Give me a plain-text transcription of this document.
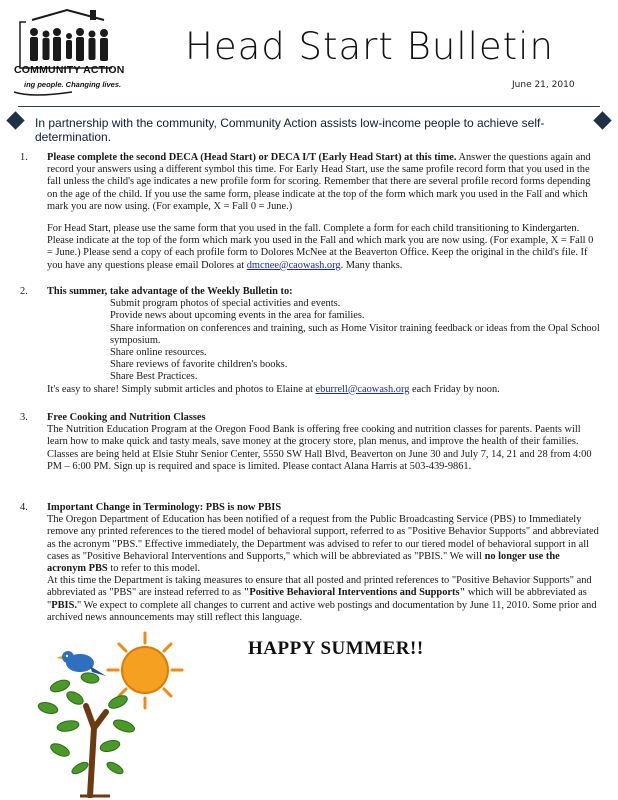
COMMUNITY ACTION
ing people. Changing lives.
Head Start Bulletin
June 21, 2010
In partnership with the community, Community Action assists low-income people to achieve self-determination.
1. Please complete the second DECA (Head Start) or DECA I/T (Early Head Start) at this time. Answer the questions again and record your answers using a different symbol this time. For Early Head Start, use the same profile record form that you used in the fall unless the child's age indicates a new profile form for scoring. Remember that there are several profile record forms depending on the age of the child. If you use the same form, please indicate at the top of the form which mark you used in the Fall and which mark you are now using. (For example, X = Fall 0 = June.)

For Head Start, please use the same form that you used in the fall. Complete a form for each child transitioning to Kindergarten. Please indicate at the top of the form which mark you used in the Fall and which mark you are now using. (For example, X = Fall 0 = June.) Please send a copy of each profile form to Dolores McNee at the Beaverton Office. Keep the original in the child's file. If you have any questions please email Dolores at dmcnee@caowash.org. Many thanks.

2. This summer, take advantage of the Weekly Bulletin to:

Submit program photos of special activities and events.
Provide news about upcoming events in the area for families.
Share information on conferences and training, such as Home Visitor training feedback or ideas from the Opal School symposium.
Share online resources.
Share reviews of favorite children's books.
Share Best Practices.

It's easy to share! Simply submit articles and photos to Elaine at eburrell@caowash.org each Friday by noon.

3. Free Cooking and Nutrition Classes

The Nutrition Education Program at the Oregon Food Bank is offering free cooking and nutrition classes for parents. Paents will learn how to make quick and tasty meals, save money at the grocery store, plan menus, and improve the health of their families.

Classes are being held at Elsie Stuhr Senior Center, 5550 SW Hall Blvd, Beaverton on June 30 and July 7, 14, 21 and 28 from 4:00 PM – 6:00 PM. Sign up is required and space is limited. Please contact Alana Harris at 503-439-9861.

4. Important Change in Terminology: PBS is now PBIS

The Oregon Department of Education has been notified of a request from the Public Broadcasting Service (PBS) to Immediately remove any printed references to the tiered model of behavioral support, referred to as "Positive Behavior Supports" and abbreviated as the acronym "PBS." Effective immediately, the Department was advised to refer to our tiered model of behavioral support in all cases as "Positive Behavioral Interventions and Supports," which will be abbreviated as "PBIS." We will no longer use the acronym PBS to refer to this model.

At this time the Department is taking measures to ensure that all posted and printed references to "Positive Behavior Supports" and abbreviated as "PBS" are instead referred to as "Positive Behavioral Interventions and Supports" which will be abbreviated as "PBIS." We expect to complete all changes to current and active web postings and documentation by June 11, 2010. Some prior and archived news announcements may still reflect this language.

HAPPY SUMMER!!
